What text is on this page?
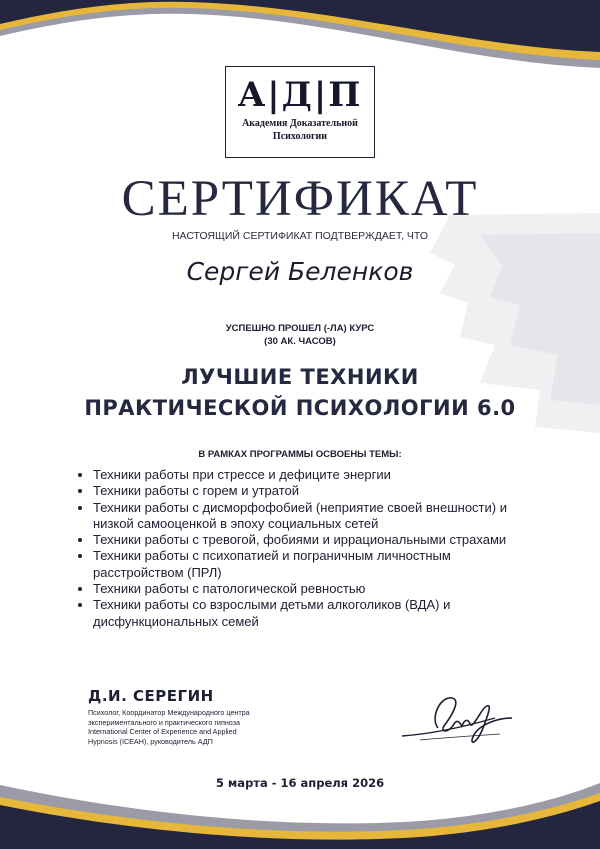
А|Д|П
Академия Доказательной
Психологии
СЕРТИФИКАТ
НАСТОЯЩИЙ СЕРТИФИКАТ ПОДТВЕРЖДАЕТ, ЧТО
Сергей Беленков
УСПЕШНО ПРОШЕЛ (-ЛА) КУРС
(30 АК. ЧАСОВ)
ЛУЧШИЕ ТЕХНИКИ
ПРАКТИЧЕСКОЙ ПСИХОЛОГИИ 6.0
В РАМКАХ ПРОГРАММЫ ОСВОЕНЫ ТЕМЫ:
• Техники работы при стрессе и дефиците энергии
• Техники работы с горем и утратой
• Техники работы с дисморфофобией (неприятие своей внешности) и низкой самооценкой в эпоху социальных сетей
• Техники работы с тревогой, фобиями и иррациональными страхами
• Техники работы с психопатией и пограничным личностным расстройством (ПРЛ)
• Техники работы с патологической ревностью
• Техники работы со взрослыми детьми алкоголиков (ВДА) и дисфункциональных семей
Д.И. СЕРЕГИН
Психолог, Координатор Международного центра экспериментального и практического гипноза International Center of Experience and Applied Hypnosis (ICEAH), руководитель АДП
5 марта - 16 апреля 2026
